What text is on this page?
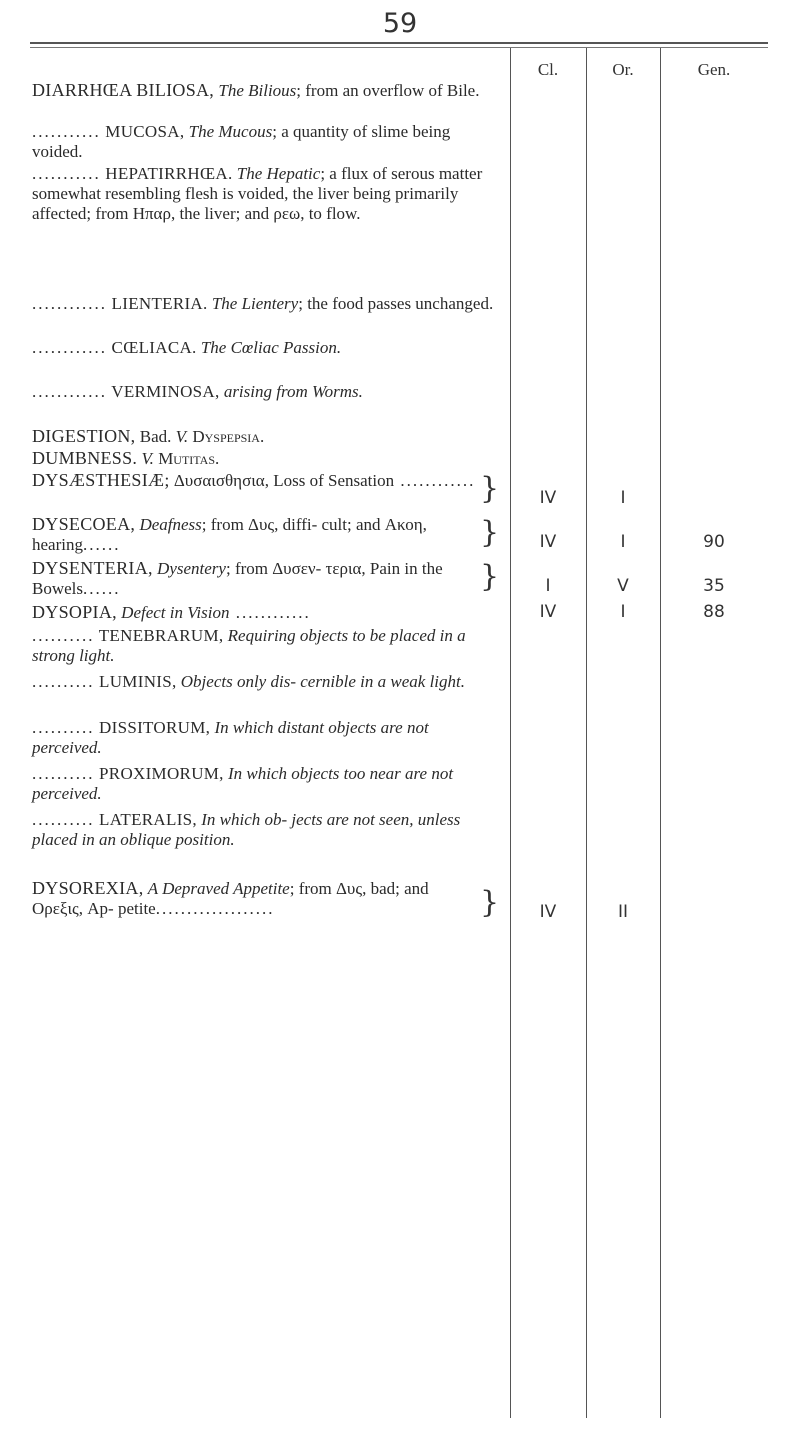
59
Cl.	Or.	Gen.
DIARRHŒA BILIOSA, The Bilious; from an overflow of Bile.
........... MUCOSA, The Mucous; a quantity of slime being voided.
........... HEPATIRRHŒA. The Hepatic; a flux of serous matter somewhat resembling flesh is voided, the liver being primarily affected; from Ηπαρ, the liver; and ρεω, to flow.
............ LIENTERIA. The Lientery; the food passes unchanged.
............ CŒLIACA. The Cœliac Passion.
............ VERMINOSA, arising from Worms.
DIGESTION, Bad. V. Dyspepsia.
DUMBNESS. V. Mutitas.
DYSÆSTHESIÆ; Δυσαισθησια, Loss of Sensation ............ }	IV	I
DYSECOEA, Deafness; from Δυς, diffi- cult; and Ακοη, hearing......	}	IV	I	90
DYSENTERIA, Dysentery; from Δυσεν- τερια, Pain in the Bowels......	}	I	V	35
DYSOPIA, Defect in Vision ............	IV	I	88
.......... TENEBRARUM, Requiring objects to be placed in a strong light.
.......... LUMINIS, Objects only dis- cernible in a weak light.
.......... DISSITORUM, In which distant objects are not perceived.
.......... PROXIMORUM, In which objects too near are not perceived.
.......... LATERALIS, In which ob- jects are not seen, unless placed in an oblique position.
DYSOREXIA, A Depraved Appetite; from Δυς, bad; and Ορεξις, Ap- petite...................	}	IV	II
